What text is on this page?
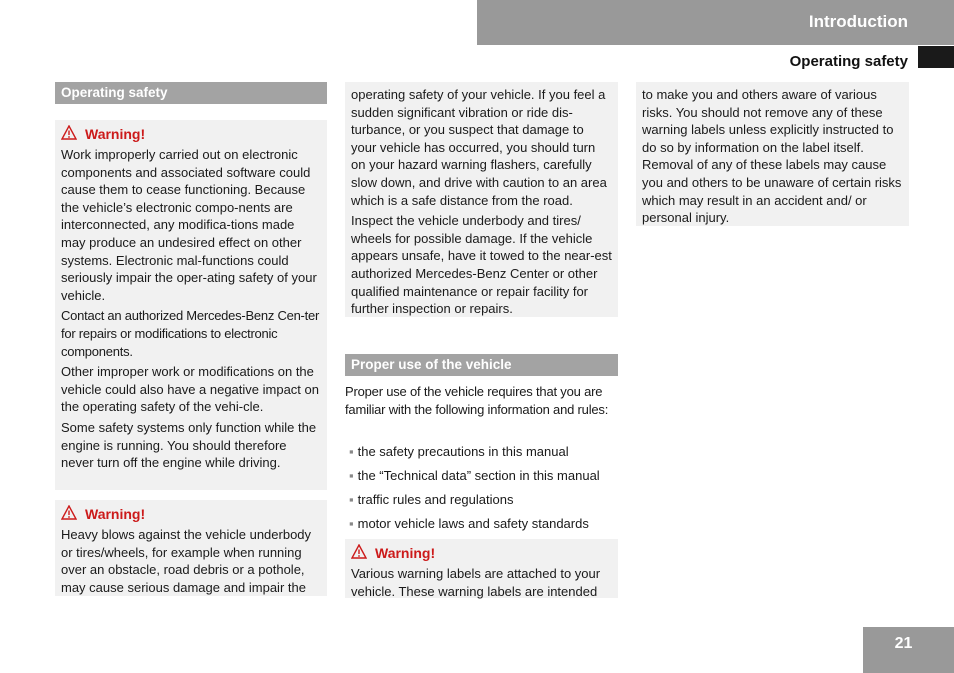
Introduction
Operating safety
Operating safety
Warning!

Work improperly carried out on electronic components and associated software could cause them to cease functioning. Because the vehicle’s electronic compo-nents are interconnected, any modifica-tions made may produce an undesired effect on other systems. Electronic mal-functions could seriously impair the oper-ating safety of your vehicle.

Contact an authorized Mercedes-Benz Cen-ter for repairs or modifications to electronic components.

Other improper work or modifications on the vehicle could also have a negative impact on the operating safety of the vehi-cle.

Some safety systems only function while the engine is running. You should therefore never turn off the engine while driving.

Warning!

Heavy blows against the vehicle underbody or tires/wheels, for example when running over an obstacle, road debris or a pothole, may cause serious damage and impair the

operating safety of your vehicle. If you feel a sudden significant vibration or ride dis-turbance, or you suspect that damage to your vehicle has occurred, you should turn on your hazard warning flashers, carefully slow down, and drive with caution to an area which is a safe distance from the road.

Inspect the vehicle underbody and tires/ wheels for possible damage. If the vehicle appears unsafe, have it towed to the near-est authorized Mercedes-Benz Center or other qualified maintenance or repair facility for further inspection or repairs.

Proper use of the vehicle
Proper use of the vehicle requires that you are familiar with the following information and rules:
▪ the safety precautions in this manual
▪ the “Technical data” section in this manual
▪ traffic rules and regulations
▪ motor vehicle laws and safety standards
Warning!

Various warning labels are attached to your vehicle. These warning labels are intended

to make you and others aware of various risks. You should not remove any of these warning labels unless explicitly instructed to do so by information on the label itself. Removal of any of these labels may cause you and others to be unaware of certain risks which may result in an accident and/ or personal injury.

21
